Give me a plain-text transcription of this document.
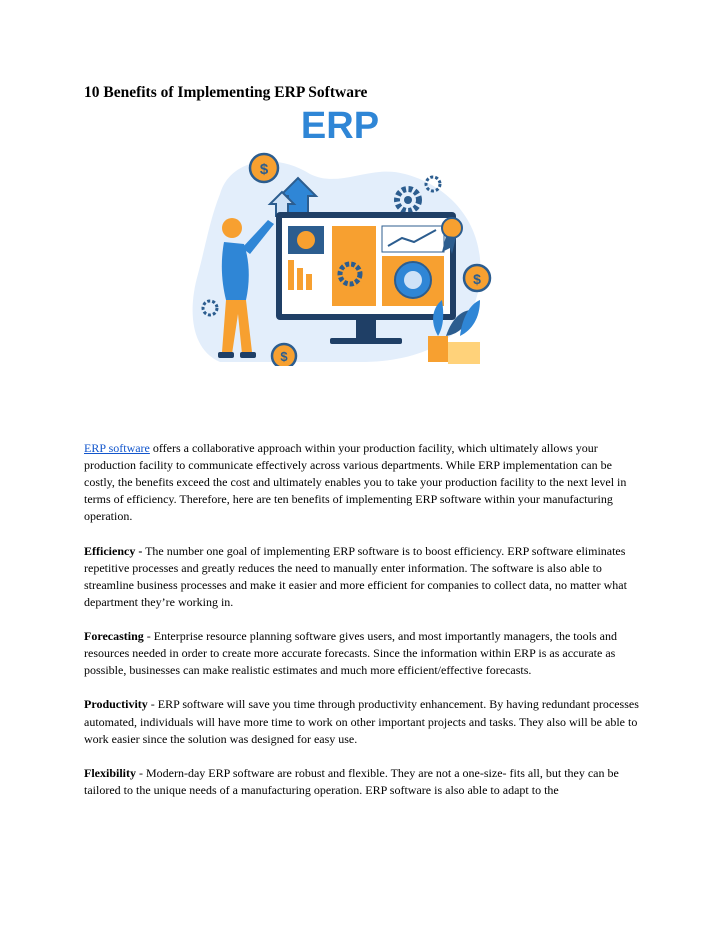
10 Benefits of Implementing ERP Software
ERP
$
$
$

ERP software offers a collaborative approach within your production facility, which ultimately allows your production facility to communicate effectively across various departments. While ERP implementation can be costly, the benefits exceed the cost and ultimately enables you to take your production facility to the next level in terms of efficiency. Therefore, here are ten benefits of implementing ERP software within your manufacturing operation.

Efficiency - The number one goal of implementing ERP software is to boost efficiency. ERP software eliminates repetitive processes and greatly reduces the need to manually enter information. The software is also able to streamline business processes and make it easier and more efficient for companies to collect data, no matter what department they’re working in.

Forecasting - Enterprise resource planning software gives users, and most importantly managers, the tools and resources needed in order to create more accurate forecasts. Since the information within ERP is as accurate as possible, businesses can make realistic estimates and much more efficient/effective forecasts.

Productivity - ERP software will save you time through productivity enhancement. By having redundant processes automated, individuals will have more time to work on other important projects and tasks. They also will be able to work easier since the solution was designed for easy use.

Flexibility - Modern-day ERP software are robust and flexible. They are not a one-size- fits all, but they can be tailored to the unique needs of a manufacturing operation. ERP software is also able to adapt to the
